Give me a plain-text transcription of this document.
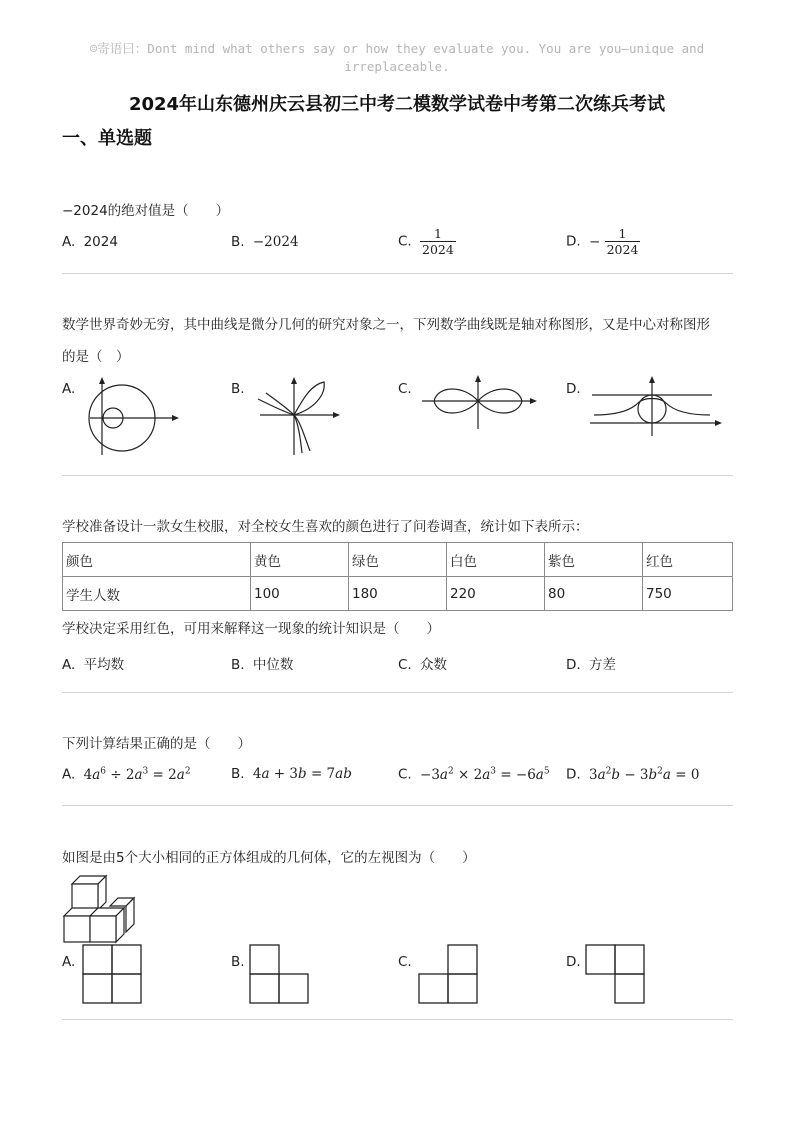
☺寄语曰：Dont mind what others say or how they evaluate you. You are you—unique and irreplaceable.
2024年山东德州庆云县初三中考二模数学试卷中考第二次练兵考试
一、单选题
−2024的绝对值是（　　）
A. 2024	B. −2024	C. $\frac{1}{2024}$	D. − $\frac{1}{2024}$
数学世界奇妙无穷，其中曲线是微分几何的研究对象之一，下列数学曲线既是轴对称图形，又是中心对称图形
的是（　）
A.	B.	C.	D.
学校准备设计一款女生校服，对全校女生喜欢的颜色进行了问卷调查，统计如下表所示：
颜色	黄色	绿色	白色	紫色	红色
学生人数	100	180	220	80	750
学校决定采用红色，可用来解释这一现象的统计知识是（　　）
A. 平均数	B. 中位数	C. 众数	D. 方差
下列计算结果正确的是（　　）
A. $4a^6 \div 2a^3 = 2a^2$	B. 4a + 3b = 7ab	C. $-3a^2 \times 2a^3 = -6a^5$ D. $3a^2b - 3b^2a = 0$
如图是由5个大小相同的正方体组成的几何体，它的左视图为（　　）
A.	B.	C.	D.
